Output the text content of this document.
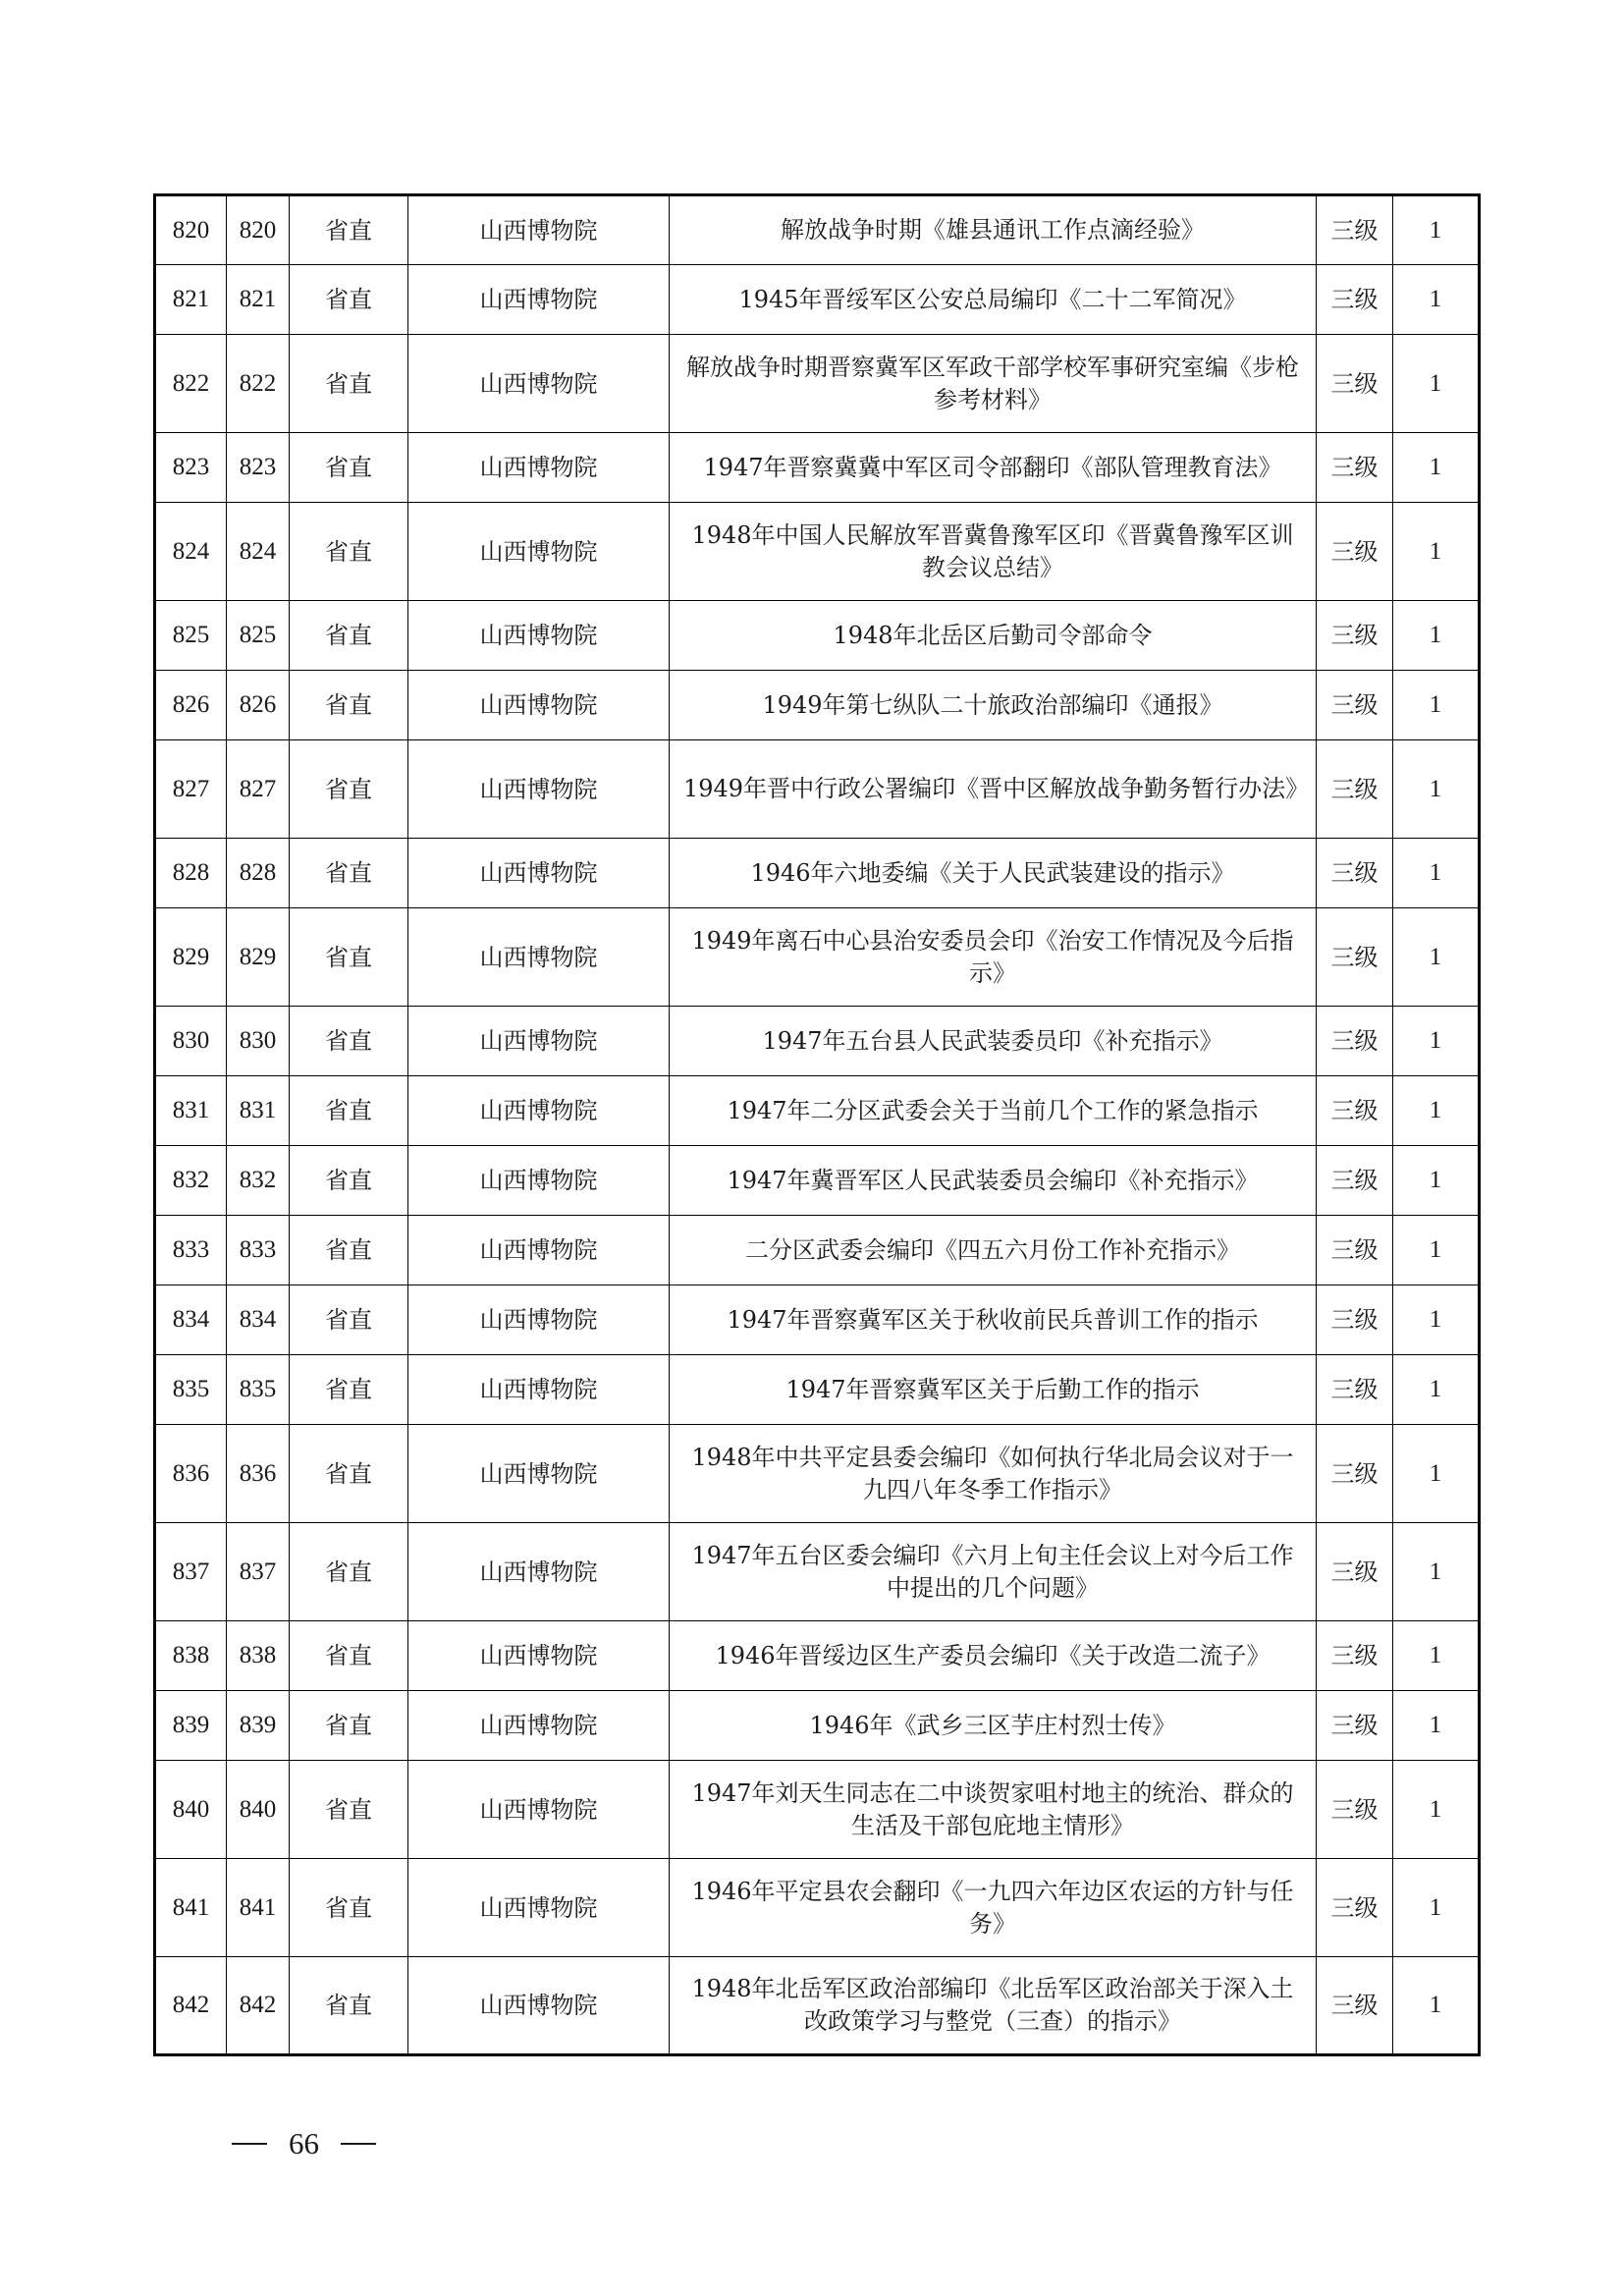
820	820	省直	山西博物院	解放战争时期《雄县通讯工作点滴经验》	三级	1
821	821	省直	山西博物院	1945年晋绥军区公安总局编印《二十二军简况》	三级	1
822	822	省直	山西博物院	解放战争时期晋察冀军区军政干部学校军事研究室编《步枪参考材料》	三级	1
823	823	省直	山西博物院	1947年晋察冀冀中军区司令部翻印《部队管理教育法》	三级	1
824	824	省直	山西博物院	1948年中国人民解放军晋冀鲁豫军区印《晋冀鲁豫军区训教会议总结》	三级	1
825	825	省直	山西博物院	1948年北岳区后勤司令部命令	三级	1
826	826	省直	山西博物院	1949年第七纵队二十旅政治部编印《通报》	三级	1
827	827	省直	山西博物院	1949年晋中行政公署编印《晋中区解放战争勤务暂行办法》	三级	1
828	828	省直	山西博物院	1946年六地委编《关于人民武装建设的指示》	三级	1
829	829	省直	山西博物院	1949年离石中心县治安委员会印《治安工作情况及今后指示》	三级	1
830	830	省直	山西博物院	1947年五台县人民武装委员印《补充指示》	三级	1
831	831	省直	山西博物院	1947年二分区武委会关于当前几个工作的紧急指示	三级	1
832	832	省直	山西博物院	1947年冀晋军区人民武装委员会编印《补充指示》	三级	1
833	833	省直	山西博物院	二分区武委会编印《四五六月份工作补充指示》	三级	1
834	834	省直	山西博物院	1947年晋察冀军区关于秋收前民兵普训工作的指示	三级	1
835	835	省直	山西博物院	1947年晋察冀军区关于后勤工作的指示	三级	1
836	836	省直	山西博物院	1948年中共平定县委会编印《如何执行华北局会议对于一九四八年冬季工作指示》	三级	1
837	837	省直	山西博物院	1947年五台区委会编印《六月上旬主任会议上对今后工作中提出的几个问题》	三级	1
838	838	省直	山西博物院	1946年晋绥边区生产委员会编印《关于改造二流子》	三级	1
839	839	省直	山西博物院	1946年《武乡三区芋庄村烈士传》	三级	1
840	840	省直	山西博物院	1947年刘天生同志在二中谈贺家咀村地主的统治、群众的生活及干部包庇地主情形》	三级	1
841	841	省直	山西博物院	1946年平定县农会翻印《一九四六年边区农运的方针与任务》	三级	1
842	842	省直	山西博物院	1948年北岳军区政治部编印《北岳军区政治部关于深入土改政策学习与整党（三查）的指示》	三级	1
66
